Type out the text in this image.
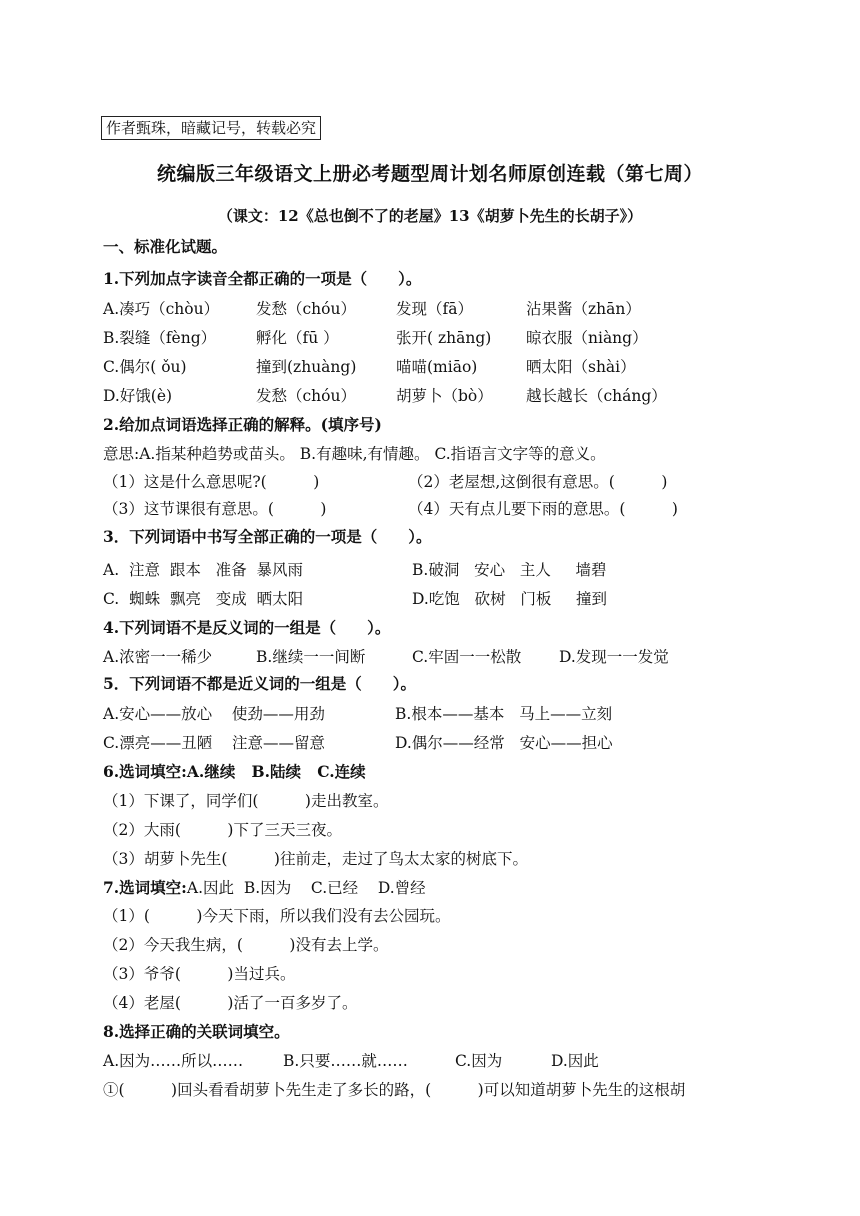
作者甄珠，暗藏记号，转载必究
统编版三年级语文上册必考题型周计划名师原创连载（第七周）
（课文：12《总也倒不了的老屋》13《胡萝卜先生的长胡子》）
一、标准化试题。
1.下列加点字读音全都正确的一项是（　　）。
A.凑巧（chòu） 发愁（chóu）	发现（fā）	沾果酱（zhān）
B.裂缝（fèng）	孵化（fū ）	张开( zhāng) 晾衣服（niàng）
C.偶尔( ǒu)	撞到(zhuàng)	喵喵(miāo)	晒太阳（shài）
D.好饿(è)	发愁（chóu）	胡萝卜（bò） 越长越长（cháng）
2.给加点词语选择正确的解释。(填序号)
意思:A.指某种趋势或苗头。 B.有趣味,有情趣。 C.指语言文字等的意义。
（1）这是什么意思呢?(　　　)	（2）老屋想,这倒很有意思。(　　　)
（3）这节课很有意思。(　　　)	（4）天有点儿要下雨的意思。(　　　)
3．下列词语中书写全部正确的一项是（　　）。
A.  注意  跟本   准备  暴风雨	B.破洞   安心   主人     墙碧
C.  蜘蛛  飘亮   变成  晒太阳	D.吃饱   砍树   门板     撞到
4.下列词语不是反义词的一组是（　　）。
A.浓密一一稀少	B.继续一一间断	C.牢固一一松散 D.发现一一发觉
5．下列词语不都是近义词的一组是（　　）。
A.安心——放心    使劲——用劲	B.根本——基本   马上——立刻
C.漂亮——丑陋    注意——留意	D.偶尔——经常   安心——担心
6.选词填空:A.继续   B.陆续   C.连续
（1）下课了，同学们(　　　)走出教室。
（2）大雨(　　　)下了三天三夜。
（3）胡萝卜先生(　　　)往前走，走过了鸟太太家的树底下。
7.选词填空:A.因此  B.因为    C.已经    D.曾经
（1）(　　　)今天下雨，所以我们没有去公园玩。
（2）今天我生病，(　　　)没有去上学。
（3）爷爷(　　　)当过兵。
（4）老屋(　　　)活了一百多岁了。
8.选择正确的关联词填空。
A.因为……所以……	B.只要……就……	C.因为	D.因此
①(　　　)回头看看胡萝卜先生走了多长的路，(　　　)可以知道胡萝卜先生的这根胡
